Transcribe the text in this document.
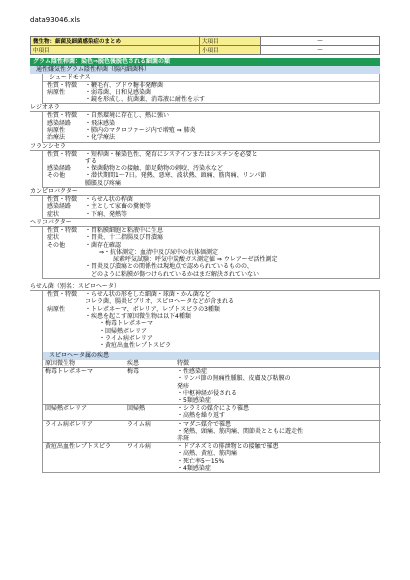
data93046.xls
微生物：細菌及細菌感染症のまとめ	大項目	—
中項目	小項目	—
グラム陰性桿菌：染色⇒脱色後脱色される細菌の類
通性嫌気性グラム陰性桿菌（腸内細菌科）
シュードモナス
性質・特徴	・鞭毛有、ブドウ糖非発酵菌
病原性	・弱毒菌、日和見感染菌
・鏡を形成し、抗菌薬、消毒液に耐性を示す
レジオネラ
性質・特徴	・自然環境に存在し、熱に強い
感染経路	・飛沫感染
病原性	・肺内のマクロファージ内で増殖 ⇒ 肺炎
治療法	・化学療法
フランシセラ
性質・特徴	・短桿菌・極染色性、発育にシステインまたはシスチンを必要と
する
感染経路	・保菌動物との接触、節足動物の刺咬、汚染水など
その他	・潜伏期間1〜7日。発熱、悪寒、波状熱、頭痛、筋肉痛、リンパ節
腫脹及び疼痛
カンピロバクター
性質・特徴	・らせん状の桿菌
感染経路	・主として家畜の糞便等
症状	・下痢、発熱等
ヘリコバクター
性質・特徴	・胃粘膜細胞と粘液中に生息
症状	・胃炎、十二指腸及び胃潰瘍
その他	・菌存在確認
⇒・抗体測定：血清中及び尿中の抗体価測定
　尿素呼気試験：呼気中炭酸ガス測定値 ⇒ ウレアーゼ活性測定
・胃炎及び潰瘍との関係性は現地点で認められているものの、
　どのように粘膜が傷つけられているかはまだ解決されていない
らせん菌（別名：スピロヘータ）
性質・特徴	・らせん状の形をした細菌・球菌・かん菌など
コレラ菌、腸炎ビブリオ、スピロヘータなどが含まれる
病原性	・トレポネーマ、ボレリア、レプトスピラの3種類
・疾患を起こす原因微生物は以下4種類
・梅毒トレポネーマ
・回帰熱ボレリア
・ライム病ボレリア
・黄疸出血性レプトスピラ
スピロヘータ属の疾患
原因微生物	疾患	特徴
梅毒トレポネーマ	梅毒	・性感染症
・リンパ節の無痛性腫脹、皮膚及び粘膜の
発疹
・中枢神経が侵される
・5類感染症

回帰熱ボレリア	回帰熱	・シラミの媒介により罹患
・高熱を繰り返す

ライム病ボレリア	ライム病	・マダニ媒介で罹患
・発熱、頭痛、筋肉痛、関節炎とともに遊走性
赤斑

黄疸出血性レプトスピラ	ワイル病	・ドブネズミの排泄物との接触で罹患
・高熱、黄疸、筋肉痛
・死亡率5〜15%
・4類感染症
